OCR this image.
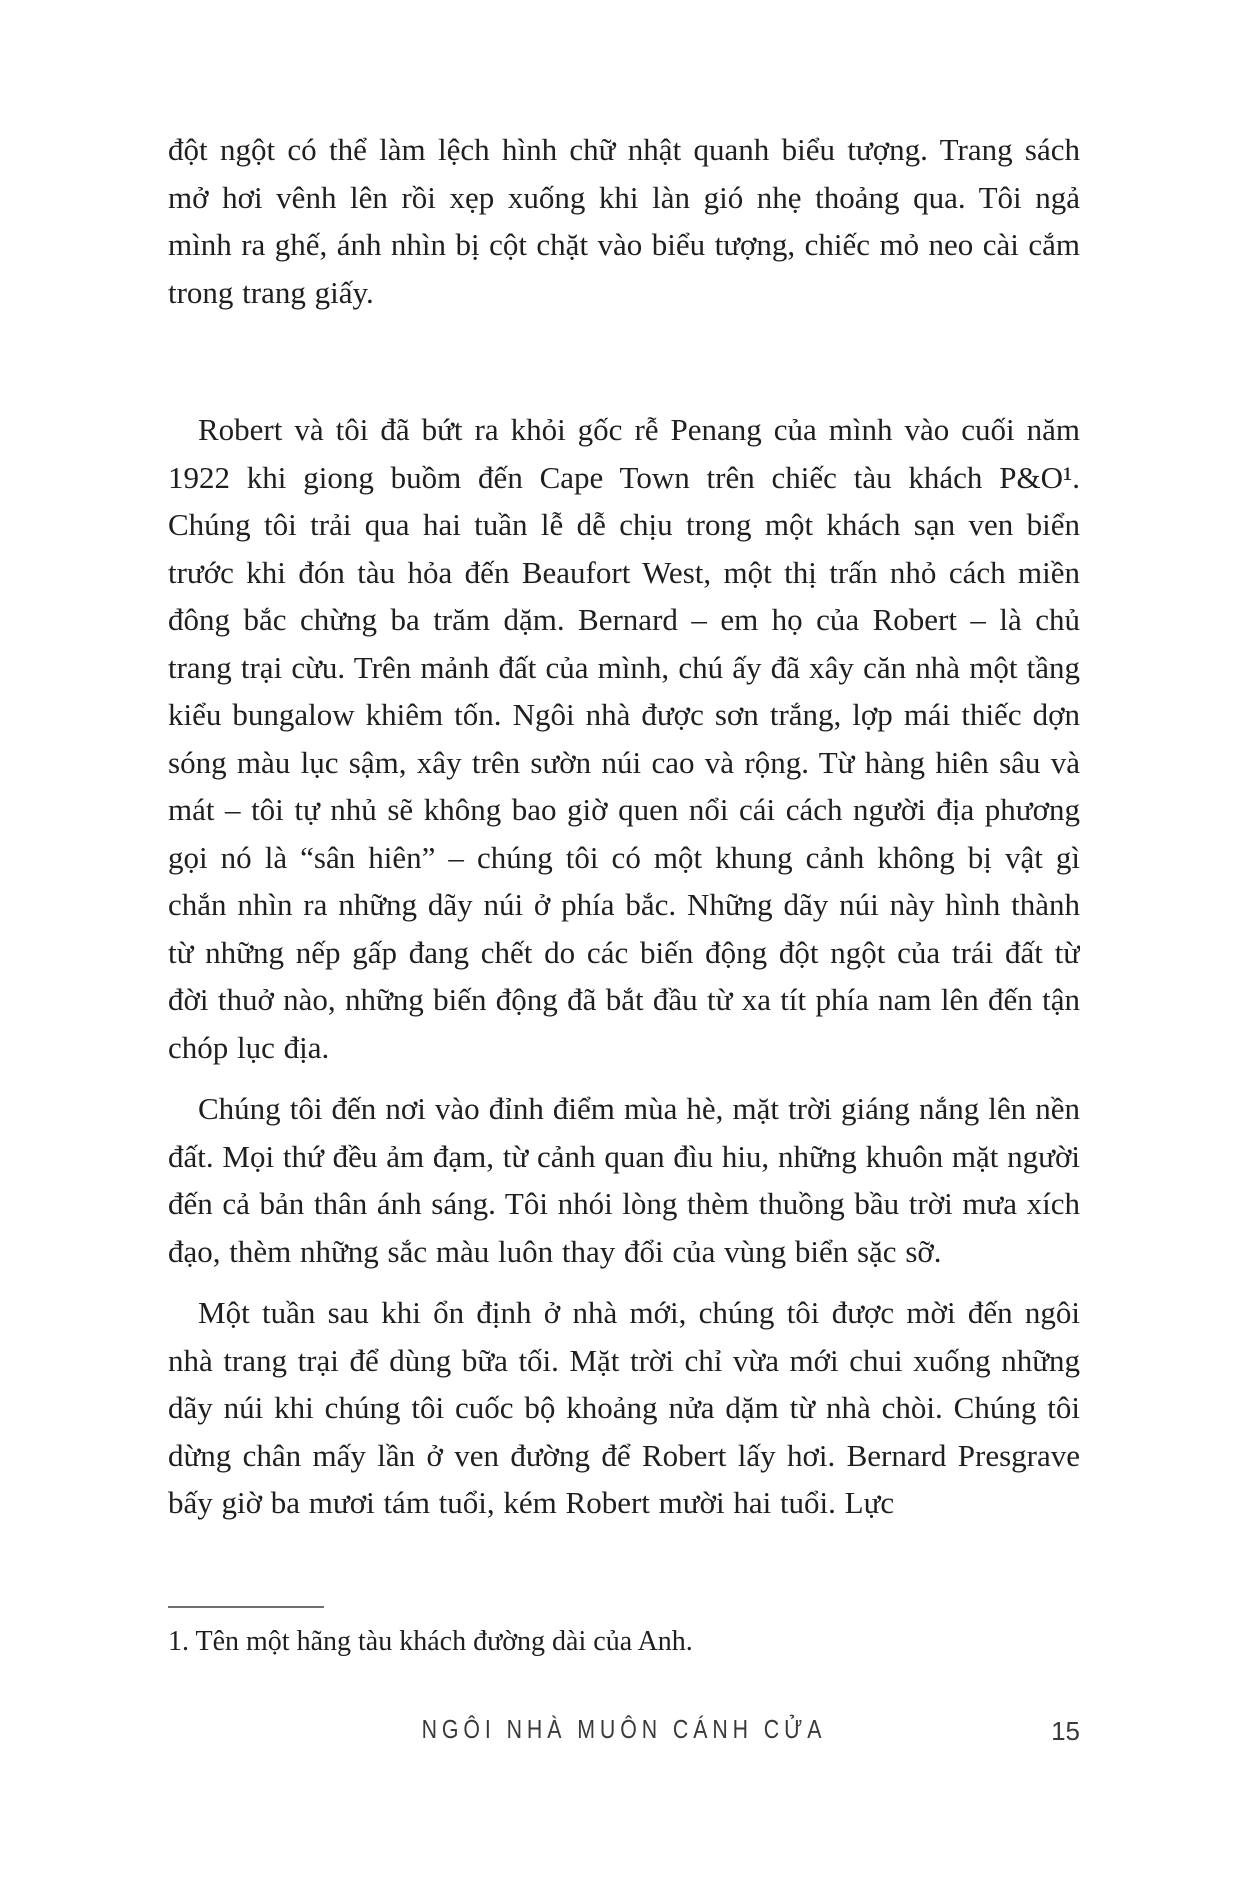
đột ngột có thể làm lệch hình chữ nhật quanh biểu tượng. Trang sách mở hơi vênh lên rồi xẹp xuống khi làn gió nhẹ thoảng qua. Tôi ngả mình ra ghế, ánh nhìn bị cột chặt vào biểu tượng, chiếc mỏ neo cài cắm trong trang giấy.

Robert và tôi đã bứt ra khỏi gốc rễ Penang của mình vào cuối năm 1922 khi giong buồm đến Cape Town trên chiếc tàu khách P&O¹. Chúng tôi trải qua hai tuần lễ dễ chịu trong một khách sạn ven biển trước khi đón tàu hỏa đến Beaufort West, một thị trấn nhỏ cách miền đông bắc chừng ba trăm dặm. Bernard – em họ của Robert – là chủ trang trại cừu. Trên mảnh đất của mình, chú ấy đã xây căn nhà một tầng kiểu bungalow khiêm tốn. Ngôi nhà được sơn trắng, lợp mái thiếc dợn sóng màu lục sậm, xây trên sườn núi cao và rộng. Từ hàng hiên sâu và mát – tôi tự nhủ sẽ không bao giờ quen nổi cái cách người địa phương gọi nó là “sân hiên” – chúng tôi có một khung cảnh không bị vật gì chắn nhìn ra những dãy núi ở phía bắc. Những dãy núi này hình thành từ những nếp gấp đang chết do các biến động đột ngột của trái đất từ đời thuở nào, những biến động đã bắt đầu từ xa tít phía nam lên đến tận chóp lục địa.

Chúng tôi đến nơi vào đỉnh điểm mùa hè, mặt trời giáng nắng lên nền đất. Mọi thứ đều ảm đạm, từ cảnh quan đìu hiu, những khuôn mặt người đến cả bản thân ánh sáng. Tôi nhói lòng thèm thuồng bầu trời mưa xích đạo, thèm những sắc màu luôn thay đổi của vùng biển sặc sỡ.

Một tuần sau khi ổn định ở nhà mới, chúng tôi được mời đến ngôi nhà trang trại để dùng bữa tối. Mặt trời chỉ vừa mới chui xuống những dãy núi khi chúng tôi cuốc bộ khoảng nửa dặm từ nhà chòi. Chúng tôi dừng chân mấy lần ở ven đường để Robert lấy hơi. Bernard Presgrave bấy giờ ba mươi tám tuổi, kém Robert mười hai tuổi. Lực

1. Tên một hãng tàu khách đường dài của Anh.

NGÔI NHÀ MUÔN CÁNH CỬA	15
